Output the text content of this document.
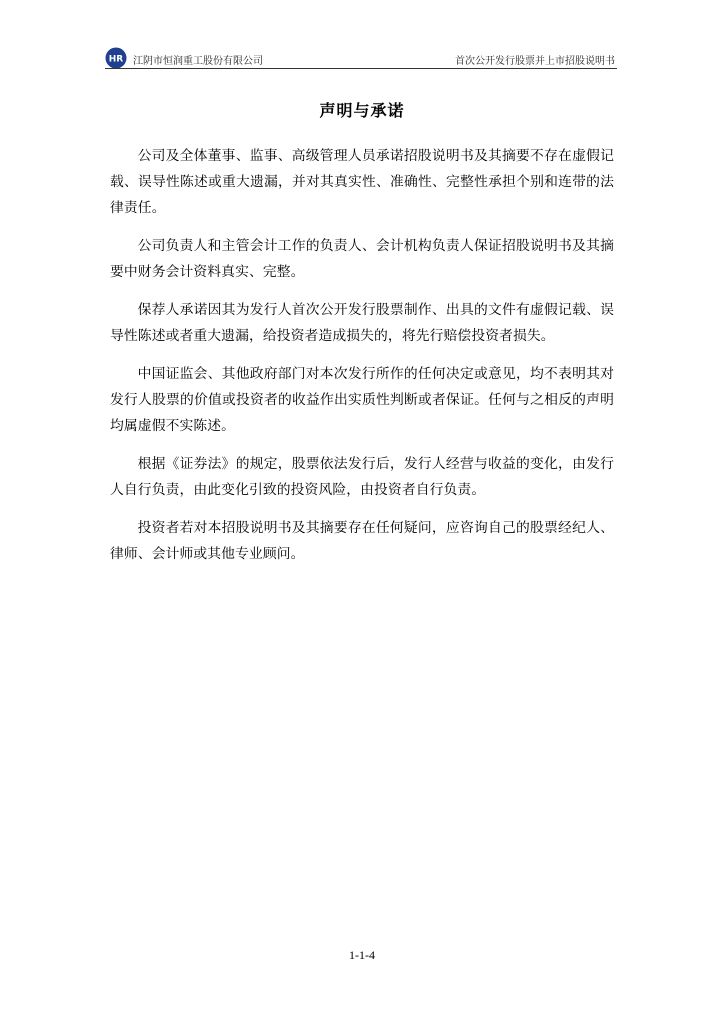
HR 江阴市恒润重工股份有限公司	首次公开发行股票并上市招股说明书
声明与承诺

公司及全体董事、监事、高级管理人员承诺招股说明书及其摘要不存在虚假记载、误导性陈述或重大遗漏，并对其真实性、准确性、完整性承担个别和连带的法律责任。

公司负责人和主管会计工作的负责人、会计机构负责人保证招股说明书及其摘要中财务会计资料真实、完整。

保荐人承诺因其为发行人首次公开发行股票制作、出具的文件有虚假记载、误导性陈述或者重大遗漏，给投资者造成损失的，将先行赔偿投资者损失。

中国证监会、其他政府部门对本次发行所作的任何决定或意见，均不表明其对发行人股票的价值或投资者的收益作出实质性判断或者保证。任何与之相反的声明均属虚假不实陈述。

根据《证券法》的规定，股票依法发行后，发行人经营与收益的变化，由发行人自行负责，由此变化引致的投资风险，由投资者自行负责。

投资者若对本招股说明书及其摘要存在任何疑问，应咨询自己的股票经纪人、律师、会计师或其他专业顾问。

1-1-4
